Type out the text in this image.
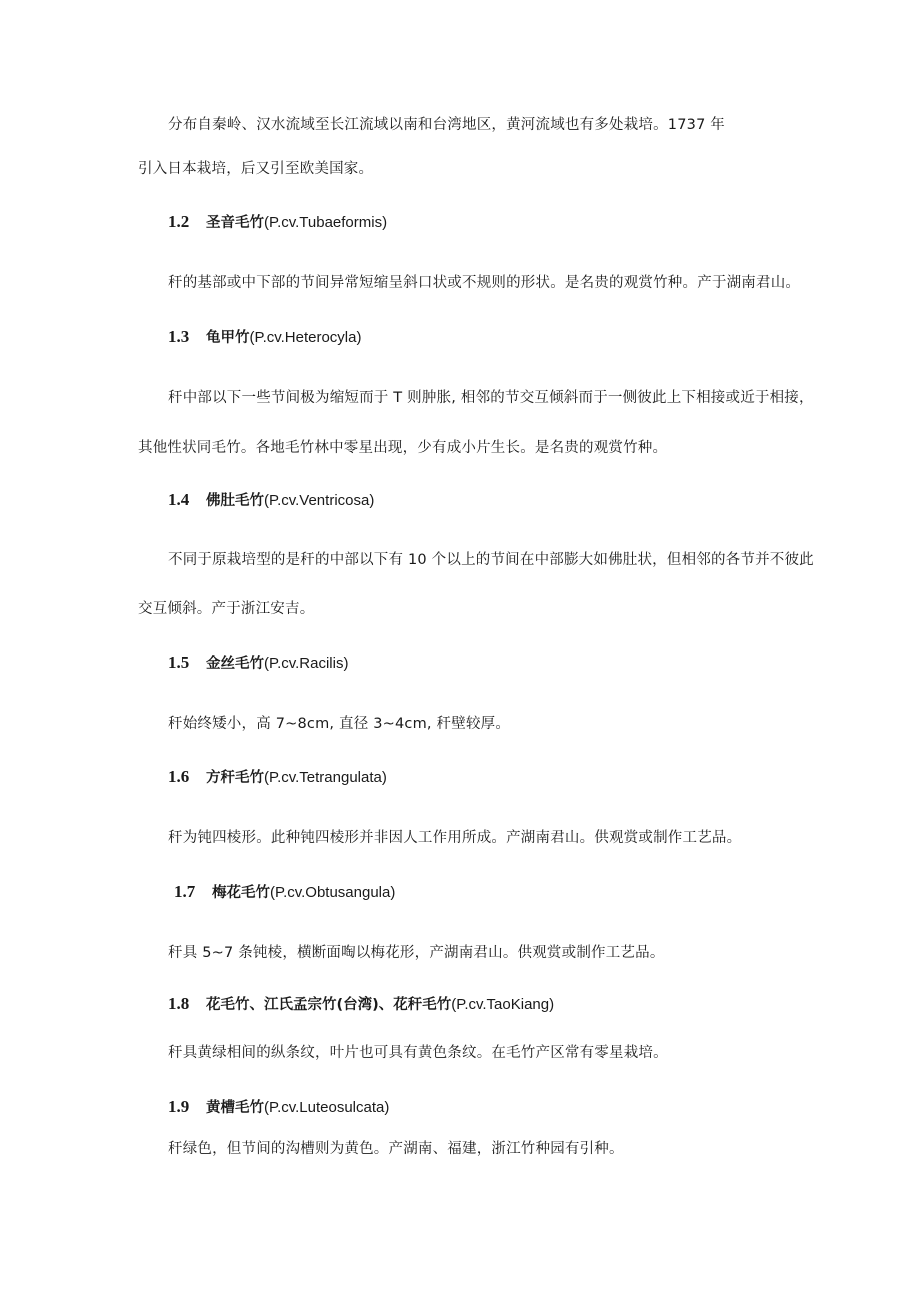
分布自秦岭、汉水流域至长江流域以南和台湾地区，黄河流域也有多处栽培。1737 年
引入日本栽培，后又引至欧美国家。
1.2 圣音毛竹(P.cv.Tubaeformis)
秆的基部或中下部的节间异常短缩呈斜口状或不规则的形状。是名贵的观赏竹种。产于湖南君山。
1.3 龟甲竹(P.cv.Heterocyla)
秆中部以下一些节间极为缩短而于 T 则肿胀, 相邻的节交互倾斜而于一侧彼此上下相接或近于相接，
其他性状同毛竹。各地毛竹林中零星出现，少有成小片生长。是名贵的观赏竹种。
1.4 佛肚毛竹(P.cv.Ventricosa)
不同于原栽培型的是秆的中部以下有 10 个以上的节间在中部膨大如佛肚状，但相邻的各节并不彼此
交互倾斜。产于浙江安吉。
1.5 金丝毛竹(P.cv.Racilis)
秆始终矮小，高 7~8cm, 直径 3~4cm, 秆壁较厚。
1.6 方秆毛竹(P.cv.Tetrangulata)
秆为钝四棱形。此种钝四棱形并非因人工作用所成。产湖南君山。供观赏或制作工艺品。
1.7 梅花毛竹(P.cv.Obtusangula)
秆具 5~7 条钝棱，横断面啕以梅花形，产湖南君山。供观赏或制作工艺品。
1.8 花毛竹、江氏孟宗竹(台湾)、花秆毛竹(P.cv.TaoKiang)
秆具黄绿相间的纵条纹，叶片也可具有黄色条纹。在毛竹产区常有零星栽培。
1.9 黄槽毛竹(P.cv.Luteosulcata)
秆绿色，但节间的沟槽则为黄色。产湖南、福建，浙江竹种园有引种。
